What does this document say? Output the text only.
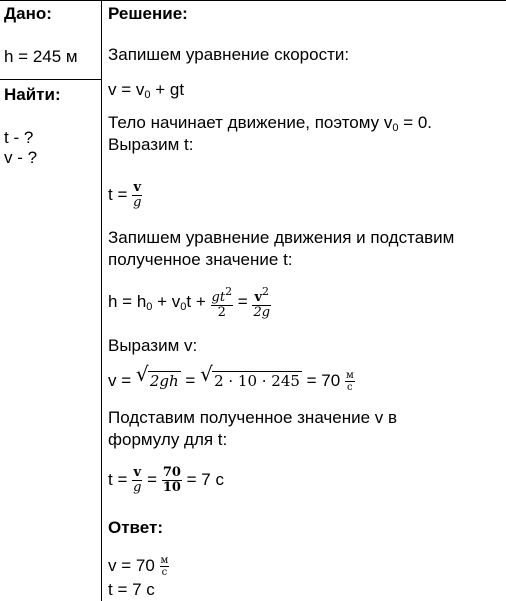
Дано:
h = 245 м
Найти:
t - ?
v - ?
Решение:
Запишем уравнение скорости:
$v = v_0$ + gt
Тело начинает движение, поэтому $v_0 = 0$.
Выразим t:
$t = \frac{v}{g}$
Запишем уравнение движения и подставим
полученное значение t:
$h = h_0 + v_0t + \frac{gt^2}{2} = \frac{v^2}{2g}$
Выразим v:
v = √ 2gh = √ $2 \cdot 10 \cdot 245 = 70 \frac{м}{с}$
Подставим полученное значение v в
формулу для t:
$t = \frac{v}{g} = \frac{70}{10} = 7$ с
Ответ:
$v = 70 \frac{м}{с}$
t = 7 с
